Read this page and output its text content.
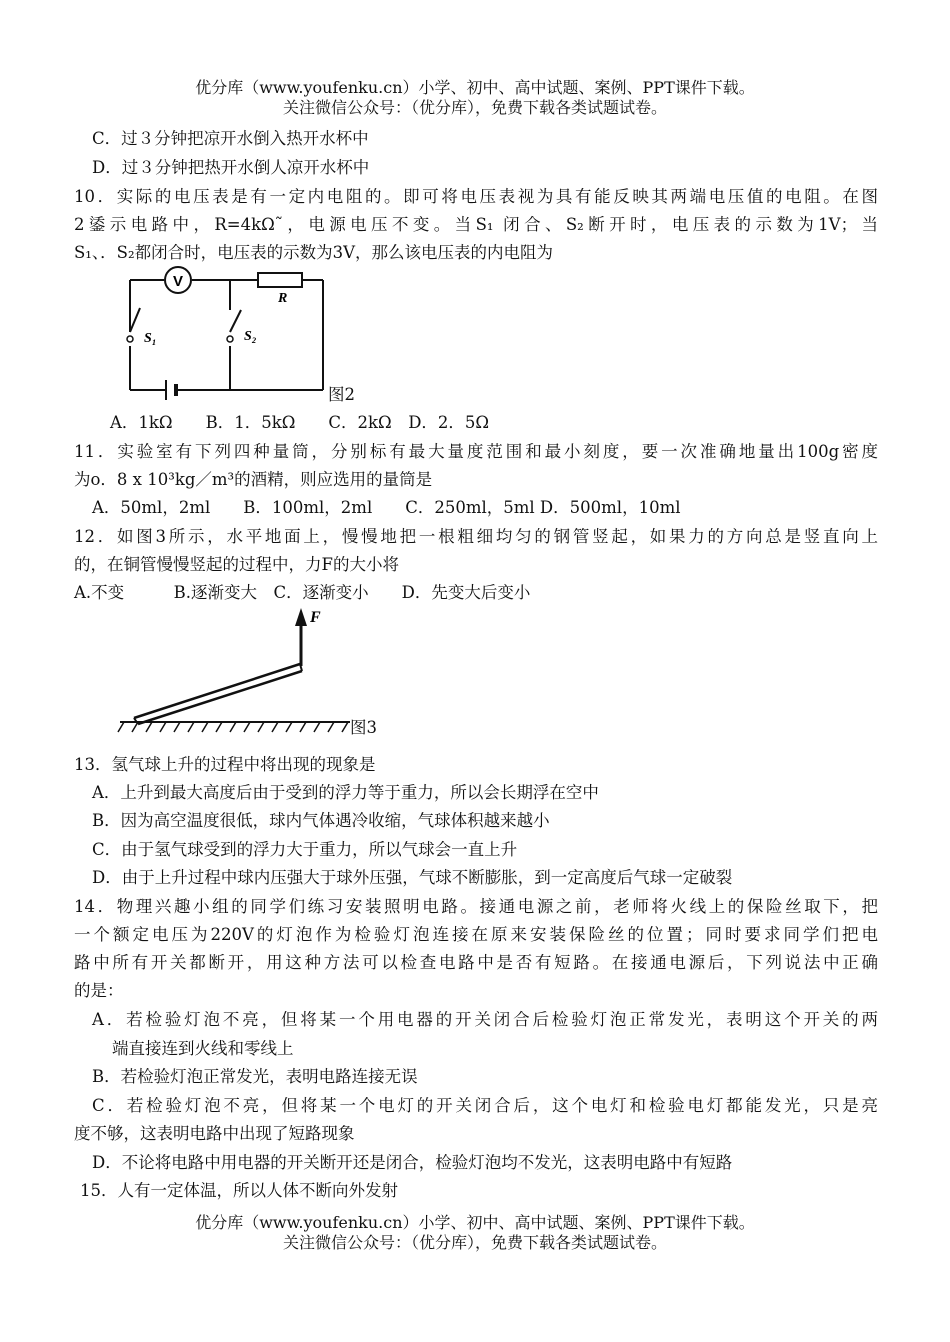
优分库（www.youfenku.cn）小学、初中、高中试题、案例、PPT课件下载。
关注微信公众号：（优分库），免费下载各类试题试卷。
C．过３分钟把凉开水倒入热开水杯中
D．过３分钟把热开水倒人凉开水杯中
10．实际的电压表是有一定内电阻的。即可将电压表视为具有能反映其两端电压值的电阻。在图
2鋈示电路中，R=4kΩ˜，电源电压不变。当S₁ 闭合、S₂断开时，电压表的示数为1V；当
S₁、．S₂都闭合时，电压表的示数为3V，那么该电压表的内电阻为
V
R
S₁	S₂
图2
A．1kΩ　　B．1．5kΩ　　C．2kΩ　D．2．5Ω
11．实验室有下列四种量筒，分别标有最大量度范围和最小刻度，要一次准确地量出100g密度
为o．8 x 10³kg／m³的酒精，则应选用的量筒是
A．50ml，2ml　　B．100ml，2ml　　C．250ml，5ml D．500ml，10ml
12．如图3所示，水平地面上，慢慢地把一根粗细均匀的钢管竖起，如果力的方向总是竖直向上
的，在铜管慢慢竖起的过程中，力F的大小将
A.不变　　　B.逐渐变大　C．逐渐变小　　D．先变大后变小
F
图3
13．氢气球上升的过程中将出现的现象是
A．上升到最大高度后由于受到的浮力等于重力，所以会长期浮在空中
B．因为高空温度很低，球内气体遇冷收缩，气球体积越来越小
C．由于氢气球受到的浮力大于重力，所以气球会一直上升
D．由于上升过程中球内压强大于球外压强，气球不断膨胀，到一定高度后气球一定破裂
14．物理兴趣小组的同学们练习安装照明电路。接通电源之前，老师将火线上的保险丝取下，把
一个额定电压为220V的灯泡作为检验灯泡连接在原来安装保险丝的位置；同时要求同学们把电
路中所有开关都断开，用这种方法可以检查电路中是否有短路。在接通电源后，下列说法中正确
的是：
A．若检验灯泡不亮，但将某一个用电器的开关闭合后检验灯泡正常发光，表明这个开关的两
端直接连到火线和零线上
B．若检验灯泡正常发光，表明电路连接无误
C．若检验灯泡不亮，但将某一个电灯的开关闭合后，这个电灯和检验电灯都能发光，只是亮
度不够，这表明电路中出现了短路现象
D．不论将电路中用电器的开关断开还是闭合，检验灯泡均不发光，这表明电路中有短路
15．人有一定体温，所以人体不断向外发射
优分库（www.youfenku.cn）小学、初中、高中试题、案例、PPT课件下载。
关注微信公众号：（优分库），免费下载各类试题试卷。
